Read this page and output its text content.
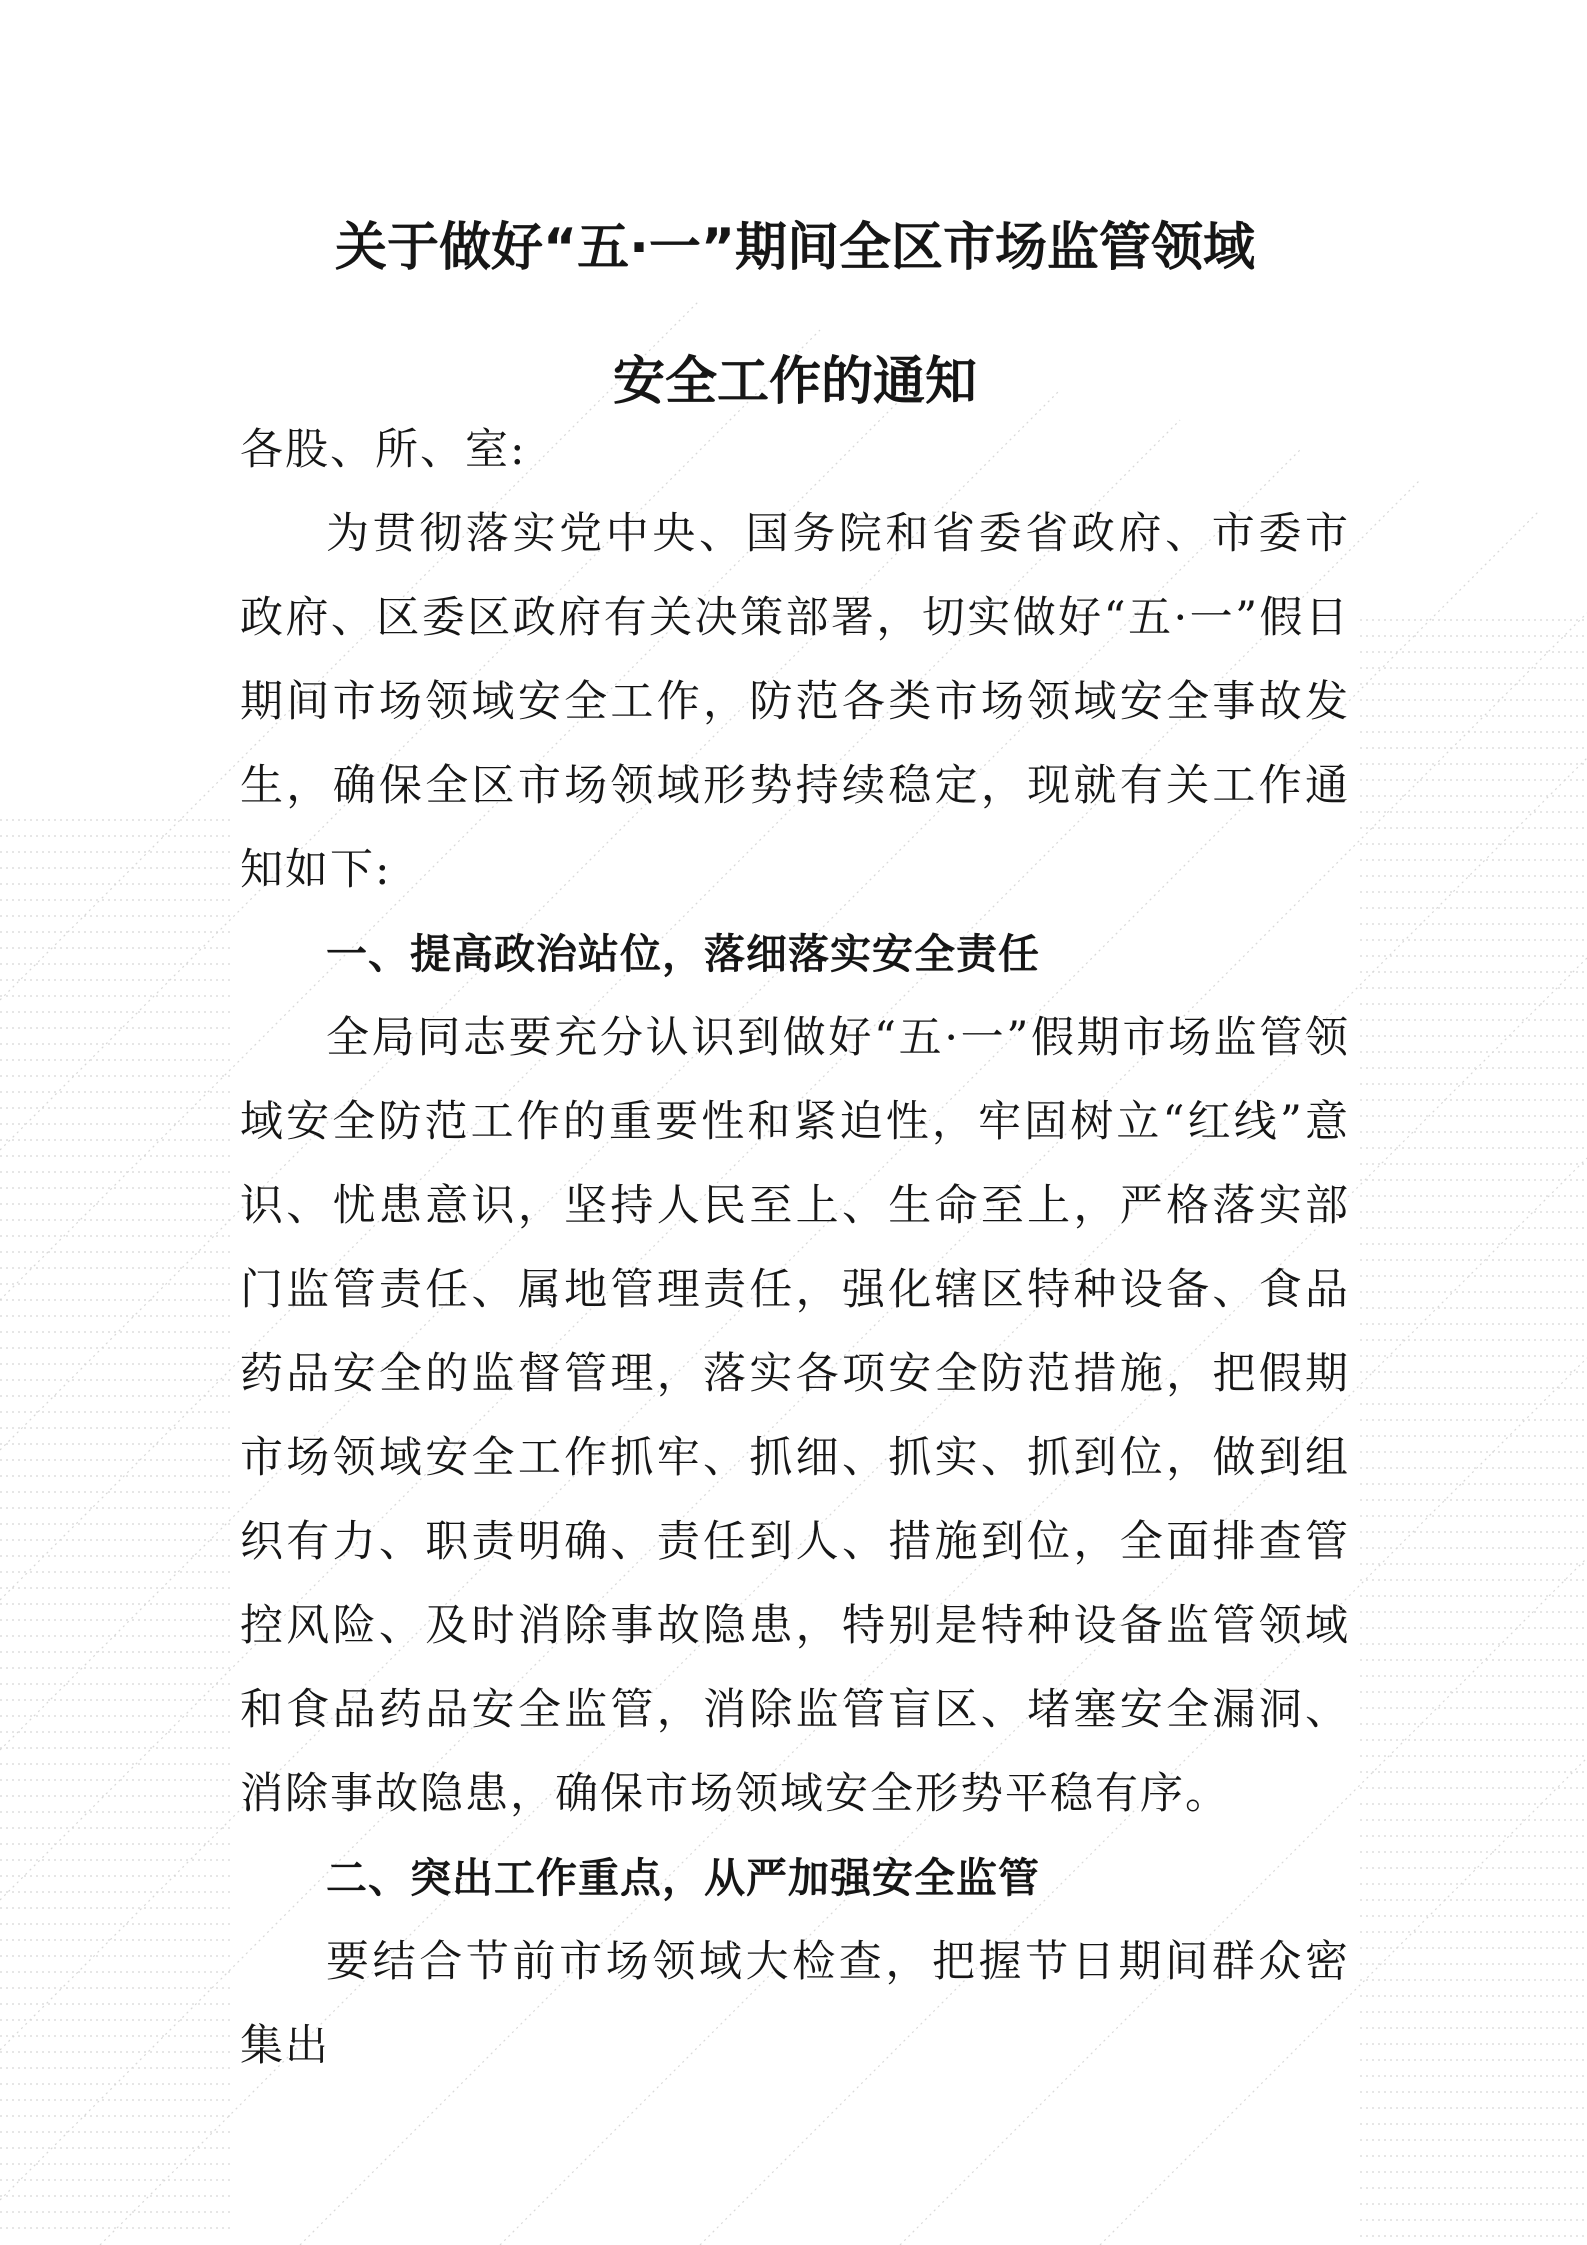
关于做好“五·一”期间全区市场监管领域
安全工作的通知

各股、所、室:

为贯彻落实党中央、国务院和省委省政府、市委市政府、区委区政府有关决策部署，切实做好“五·一”假日期间市场领域安全工作，防范各类市场领域安全事故发生，确保全区市场领域形势持续稳定，现就有关工作通知如下:

一、提高政治站位，落细落实安全责任

全局同志要充分认识到做好“五·一”假期市场监管领域安全防范工作的重要性和紧迫性，牢固树立“红线”意识、忧患意识，坚持人民至上、生命至上，严格落实部门监管责任、属地管理责任，强化辖区特种设备、食品药品安全的监督管理，落实各项安全防范措施，把假期市场领域安全工作抓牢、抓细、抓实、抓到位，做到组织有力、职责明确、责任到人、措施到位，全面排查管控风险、及时消除事故隐患，特别是特种设备监管领域和食品药品安全监管，消除监管盲区、堵塞安全漏洞、消除事故隐患，确保市场领域安全形势平稳有序。

二、突出工作重点，从严加强安全监管

要结合节前市场领域大检查，把握节日期间群众密集出
